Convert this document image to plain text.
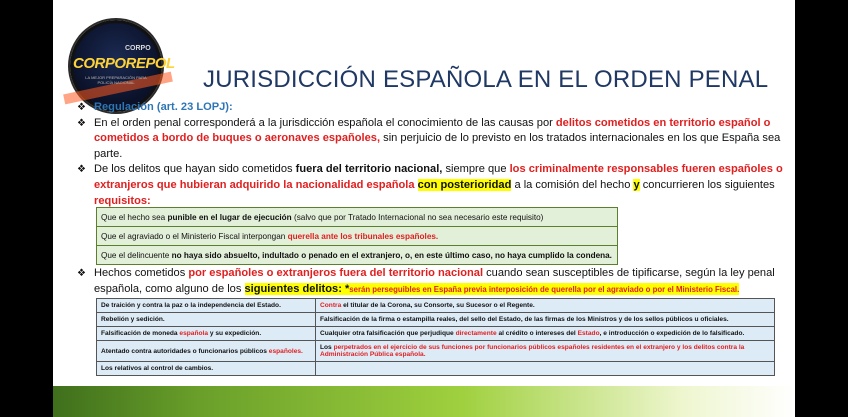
CORPO
CORPOREPOL
LA MEJOR PREPARACIÓN PARA POLICÍA NACIONAL	JURISDICCIÓN ESPAÑOLA EN EL ORDEN PENAL

❖ Regulación (art. 23 LOPJ):

❖ En el orden penal corresponderá a la jurisdicción española el conocimiento de las causas por delitos cometidos en territorio español o cometidos a bordo de buques o aeronaves españoles, sin perjuicio de lo previsto en los tratados internacionales en los que España sea parte.

❖ De los delitos que hayan sido cometidos fuera del territorio nacional, siempre que los criminalmente responsables fueren españoles o extranjeros que hubieran adquirido la nacionalidad española con posterioridad a la comisión del hecho y concurrieren los siguientes requisitos:

Que el hecho sea punible en el lugar de ejecución (salvo que por Tratado Internacional no sea necesario este requisito)
Que el agraviado o el Ministerio Fiscal interpongan querella ante los tribunales españoles.
Que el delincuente no haya sido absuelto, indultado o penado en el extranjero, o, en este último caso, no haya cumplido la condena.

❖ Hechos cometidos por españoles o extranjeros fuera del territorio nacional cuando sean susceptibles de tipificarse, según la ley penal española, como alguno de los siguientes delitos: *serán perseguibles en España previa interposición de querella por el agraviado o por el Ministerio Fiscal.

De traición y contra la paz o la independencia del Estado.	Contra el titular de la Corona, su Consorte, su Sucesor o el Regente.
Rebelión y sedición.	Falsificación de la firma o estampilla reales, del sello del Estado, de las firmas de los Ministros y de los sellos públicos u oficiales.
Falsificación de moneda española y su expedición.	Cualquier otra falsificación que perjudique directamente al crédito o intereses del Estado, e introducción o expedición de lo falsificado.
Atentado contra autoridades o funcionarios públicos españoles.	Los perpetrados en el ejercicio de sus funciones por funcionarios públicos españoles residentes en el extranjero y los delitos contra la Administración Pública española.
Los relativos al control de cambios.	
